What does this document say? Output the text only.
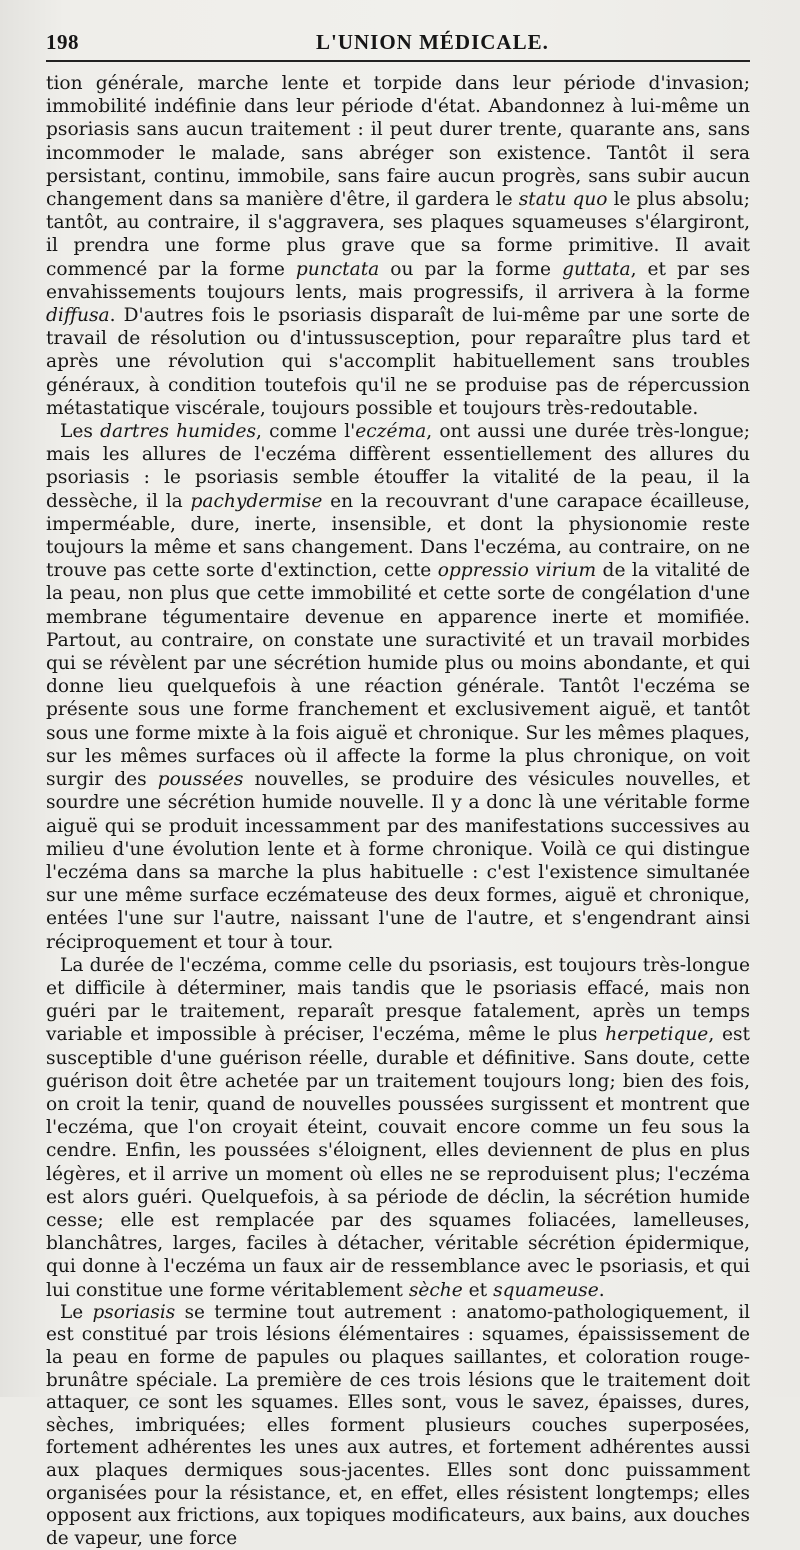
198	L'UNION MÉDICALE.

tion générale, marche lente et torpide dans leur période d'invasion; immobilité indéfinie dans leur période d'état. Abandonnez à lui-même un psoriasis sans aucun traitement : il peut durer trente, quarante ans, sans incommoder le malade, sans abréger son existence. Tantôt il sera persistant, continu, immobile, sans faire aucun progrès, sans subir aucun changement dans sa manière d'être, il gardera le statu quo le plus absolu; tantôt, au contraire, il s'aggravera, ses plaques squameuses s'élargiront, il prendra une forme plus grave que sa forme primitive. Il avait commencé par la forme punctata ou par la forme guttata, et par ses envahissements toujours lents, mais progressifs, il arrivera à la forme diffusa. D'autres fois le psoriasis disparaît de lui-même par une sorte de travail de résolution ou d'intussusception, pour reparaître plus tard et après une révolution qui s'accomplit habituellement sans troubles généraux, à condition toutefois qu'il ne se produise pas de répercussion métastatique viscérale, toujours possible et toujours très-redoutable.

Les dartres humides, comme l'eczéma, ont aussi une durée très-longue; mais les allures de l'eczéma diffèrent essentiellement des allures du psoriasis : le psoriasis semble étouffer la vitalité de la peau, il la dessèche, il la pachydermise en la recouvrant d'une carapace écailleuse, imperméable, dure, inerte, insensible, et dont la physionomie reste toujours la même et sans changement. Dans l'eczéma, au contraire, on ne trouve pas cette sorte d'extinction, cette oppressio virium de la vitalité de la peau, non plus que cette immobilité et cette sorte de congélation d'une membrane tégumentaire devenue en apparence inerte et momifiée. Partout, au contraire, on constate une suractivité et un travail morbides qui se révèlent par une sécrétion humide plus ou moins abondante, et qui donne lieu quelquefois à une réaction générale. Tantôt l'eczéma se présente sous une forme franchement et exclusivement aiguë, et tantôt sous une forme mixte à la fois aiguë et chronique. Sur les mêmes plaques, sur les mêmes surfaces où il affecte la forme la plus chronique, on voit surgir des poussées nouvelles, se produire des vésicules nouvelles, et sourdre une sécrétion humide nouvelle. Il y a donc là une véritable forme aiguë qui se produit incessamment par des manifestations successives au milieu d'une évolution lente et à forme chronique. Voilà ce qui distingue l'eczéma dans sa marche la plus habituelle : c'est l'existence simultanée sur une même surface eczémateuse des deux formes, aiguë et chronique, entées l'une sur l'autre, naissant l'une de l'autre, et s'engendrant ainsi réciproquement et tour à tour.

La durée de l'eczéma, comme celle du psoriasis, est toujours très-longue et difficile à déterminer, mais tandis que le psoriasis effacé, mais non guéri par le traitement, reparaît presque fatalement, après un temps variable et impossible à préciser, l'eczéma, même le plus herpetique, est susceptible d'une guérison réelle, durable et définitive. Sans doute, cette guérison doit être achetée par un traitement toujours long; bien des fois, on croit la tenir, quand de nouvelles poussées surgissent et montrent que l'eczéma, que l'on croyait éteint, couvait encore comme un feu sous la cendre. Enfin, les poussées s'éloignent, elles deviennent de plus en plus légères, et il arrive un moment où elles ne se reproduisent plus; l'eczéma est alors guéri. Quelquefois, à sa période de déclin, la sécrétion humide cesse; elle est remplacée par des squames foliacées, lamelleuses, blanchâtres, larges, faciles à détacher, véritable sécrétion épidermique, qui donne à l'eczéma un faux air de ressemblance avec le psoriasis, et qui lui constitue une forme véritablement sèche et squameuse.

Le psoriasis se termine tout autrement : anatomo-pathologiquement, il est constitué par trois lésions élémentaires : squames, épaississement de la peau en forme de papules ou plaques saillantes, et coloration rouge-brunâtre spéciale. La première de ces trois lésions que le traitement doit attaquer, ce sont les squames. Elles sont, vous le savez, épaisses, dures, sèches, imbriquées; elles forment plusieurs couches superposées, fortement adhérentes les unes aux autres, et fortement adhérentes aussi aux plaques dermiques sous-jacentes. Elles sont donc puissamment organisées pour la résistance, et, en effet, elles résistent longtemps; elles opposent aux frictions, aux topiques modificateurs, aux bains, aux douches de vapeur, une force
